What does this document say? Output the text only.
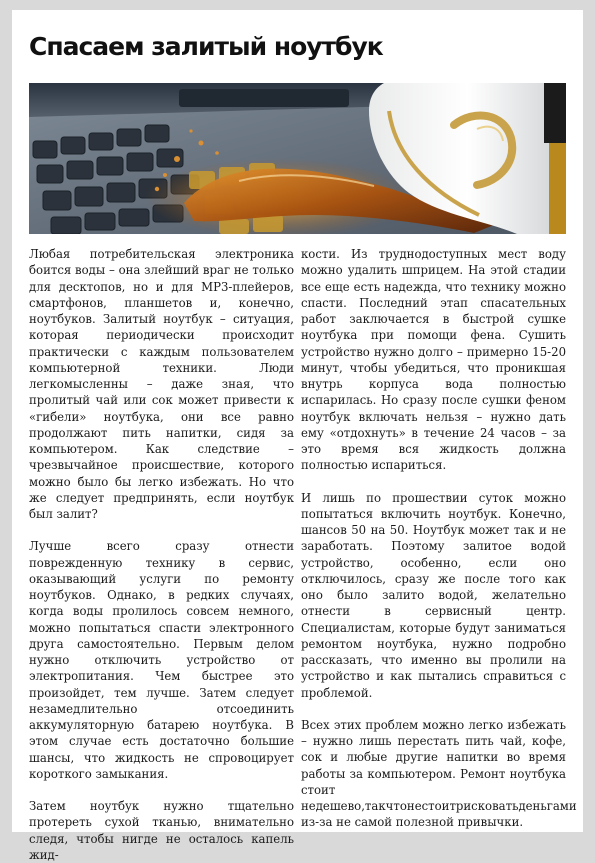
Спасаем залитый ноутбук

Любая потребительская электроника боится воды – она злейший враг не только для десктопов, но и для MP3-плейеров, смартфонов, планшетов и, конечно, ноутбуков. Залитый ноутбук – ситуация, которая периодически происходит практически с каждым пользователем компьютерной техники. Люди легкомысленны – даже зная, что пролитый чай или сок может привести к «гибели» ноутбука, они все равно продолжают пить напитки, сидя за компьютером. Как следствие – чрезвычайное происшествие, которого можно было бы легко избежать. Но что же следует предпринять, если ноутбук был залит?

Лучше всего сразу отнести поврежденную технику в сервис, оказывающий услуги по ремонту ноутбуков. Однако, в редких случаях, когда воды пролилось совсем немного, можно попытаться спасти электронного друга самостоятельно. Первым делом нужно отключить устройство от электропитания. Чем быстрее это произойдет, тем лучше. Затем следует незамедлительно отсоединить аккумуляторную батарею ноутбука. В этом случае есть достаточно большие шансы, что жидкость не спровоцирует короткого замыкания.

Затем ноутбук нужно тщательно протереть сухой тканью, внимательно следя, чтобы нигде не осталось капель жид-

кости. Из труднодоступных мест воду можно удалить шприцем. На этой стадии все еще есть надежда, что технику можно спасти. Последний этап спасательных работ заключается в быстрой сушке ноутбука при помощи фена. Сушить устройство нужно долго – примерно 15-20 минут, чтобы убедиться, что проникшая внутрь корпуса вода полностью испарилась. Но сразу после сушки феном ноутбук включать нельзя – нужно дать ему «отдохнуть» в течение 24 часов – за это время вся жидкость должна полностью испариться.

И лишь по прошествии суток можно попытаться включить ноутбук. Конечно, шансов 50 на 50. Ноутбук может так и не заработать. Поэтому залитое водой устройство, особенно, если оно отключилось, сразу же после того как оно было залито водой, желательно отнести в сервисный центр. Специалистам, которые будут заниматься ремонтом ноутбука, нужно подробно рассказать, что именно вы пролили на устройство и как пытались справиться с проблемой.

Всех этих проблем можно легко избежать – нужно лишь перестать пить чай, кофе, сок и любые другие напитки во время работы за компьютером. Ремонт ноутбука стоит недешево,такчтонестоитрисковатьденьгами из-за не самой полезной привычки.
